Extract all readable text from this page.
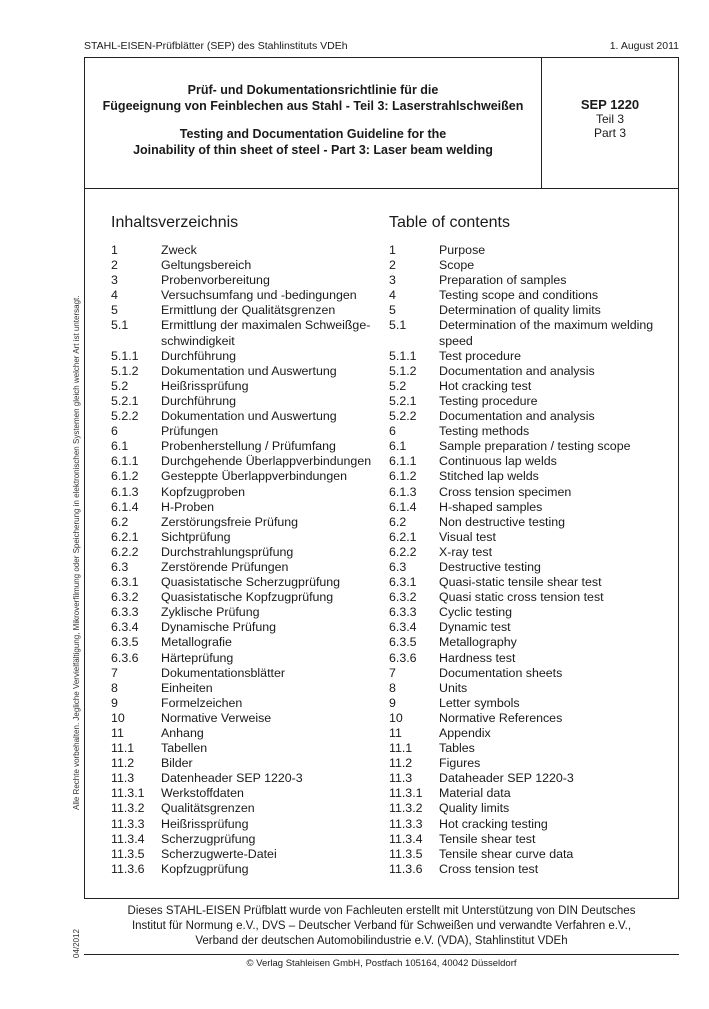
STAHL-EISEN-Prüfblätter (SEP) des Stahlinstituts VDEh	1. August 2011
Alle Rechte vorbehalten. Jegliche Vervielfältigung, Mikroverfilmung oder Speicherung in elektronischen Systemen gleich welcher Art ist untersagt.
04/2012
Prüf- und Dokumentationsrichtlinie für die
Fügeeignung von Feinblechen aus Stahl - Teil 3: Laserstrahlschweißen
Testing and Documentation Guideline for the
Joinability of thin sheet of steel - Part 3: Laser beam welding
SEP 1220
Teil 3
Part 3
Inhaltsverzeichnis
1	Zweck
2	Geltungsbereich
3	Probenvorbereitung
4	Versuchsumfang und -bedingungen
5	Ermittlung der Qualitätsgrenzen
5.1	Ermittlung der maximalen Schweißge-
schwindigkeit
5.1.1	Durchführung
5.1.2	Dokumentation und Auswertung
5.2	Heißrissprüfung
5.2.1	Durchführung
5.2.2	Dokumentation und Auswertung
6	Prüfungen
6.1	Probenherstellung / Prüfumfang
6.1.1	Durchgehende Überlappverbindungen
6.1.2	Gesteppte Überlappverbindungen
6.1.3	Kopfzugproben
6.1.4	H-Proben
6.2	Zerstörungsfreie Prüfung
6.2.1	Sichtprüfung
6.2.2	Durchstrahlungsprüfung
6.3	Zerstörende Prüfungen
6.3.1	Quasistatische Scherzugprüfung
6.3.2	Quasistatische Kopfzugprüfung
6.3.3	Zyklische Prüfung
6.3.4	Dynamische Prüfung
6.3.5	Metallografie
6.3.6	Härteprüfung
7	Dokumentationsblätter
8	Einheiten
9	Formelzeichen
10	Normative Verweise
11	Anhang
11.1	Tabellen
11.2	Bilder
11.3	Datenheader SEP 1220-3
11.3.1	Werkstoffdaten
11.3.2	Qualitätsgrenzen
11.3.3	Heißrissprüfung
11.3.4	Scherzugprüfung
11.3.5	Scherzugwerte-Datei
11.3.6	Kopfzugprüfung
Table of contents
1	Purpose
2	Scope
3	Preparation of samples
4	Testing scope and conditions
5	Determination of quality limits
5.1	Determination of the maximum welding
speed
5.1.1	Test procedure
5.1.2	Documentation and analysis
5.2	Hot cracking test
5.2.1	Testing procedure
5.2.2	Documentation and analysis
6	Testing methods
6.1	Sample preparation / testing scope
6.1.1	Continuous lap welds
6.1.2	Stitched lap welds
6.1.3	Cross tension specimen
6.1.4	H-shaped samples
6.2	Non destructive testing
6.2.1	Visual test
6.2.2	X-ray test
6.3	Destructive testing
6.3.1	Quasi-static tensile shear test
6.3.2	Quasi static cross tension test
6.3.3	Cyclic testing
6.3.4	Dynamic test
6.3.5	Metallography
6.3.6	Hardness test
7	Documentation sheets
8	Units
9	Letter symbols
10	Normative References
11	Appendix
11.1	Tables
11.2	Figures
11.3	Dataheader SEP 1220-3
11.3.1	Material data
11.3.2	Quality limits
11.3.3	Hot cracking testing
11.3.4	Tensile shear test
11.3.5	Tensile shear curve data
11.3.6	Cross tension test
Dieses STAHL-EISEN Prüfblatt wurde von Fachleuten erstellt mit Unterstützung von DIN Deutsches
Institut für Normung e.V., DVS – Deutscher Verband für Schweißen und verwandte Verfahren e.V.,
Verband der deutschen Automobilindustrie e.V. (VDA), Stahlinstitut VDEh
© Verlag Stahleisen GmbH, Postfach 105164, 40042 Düsseldorf
